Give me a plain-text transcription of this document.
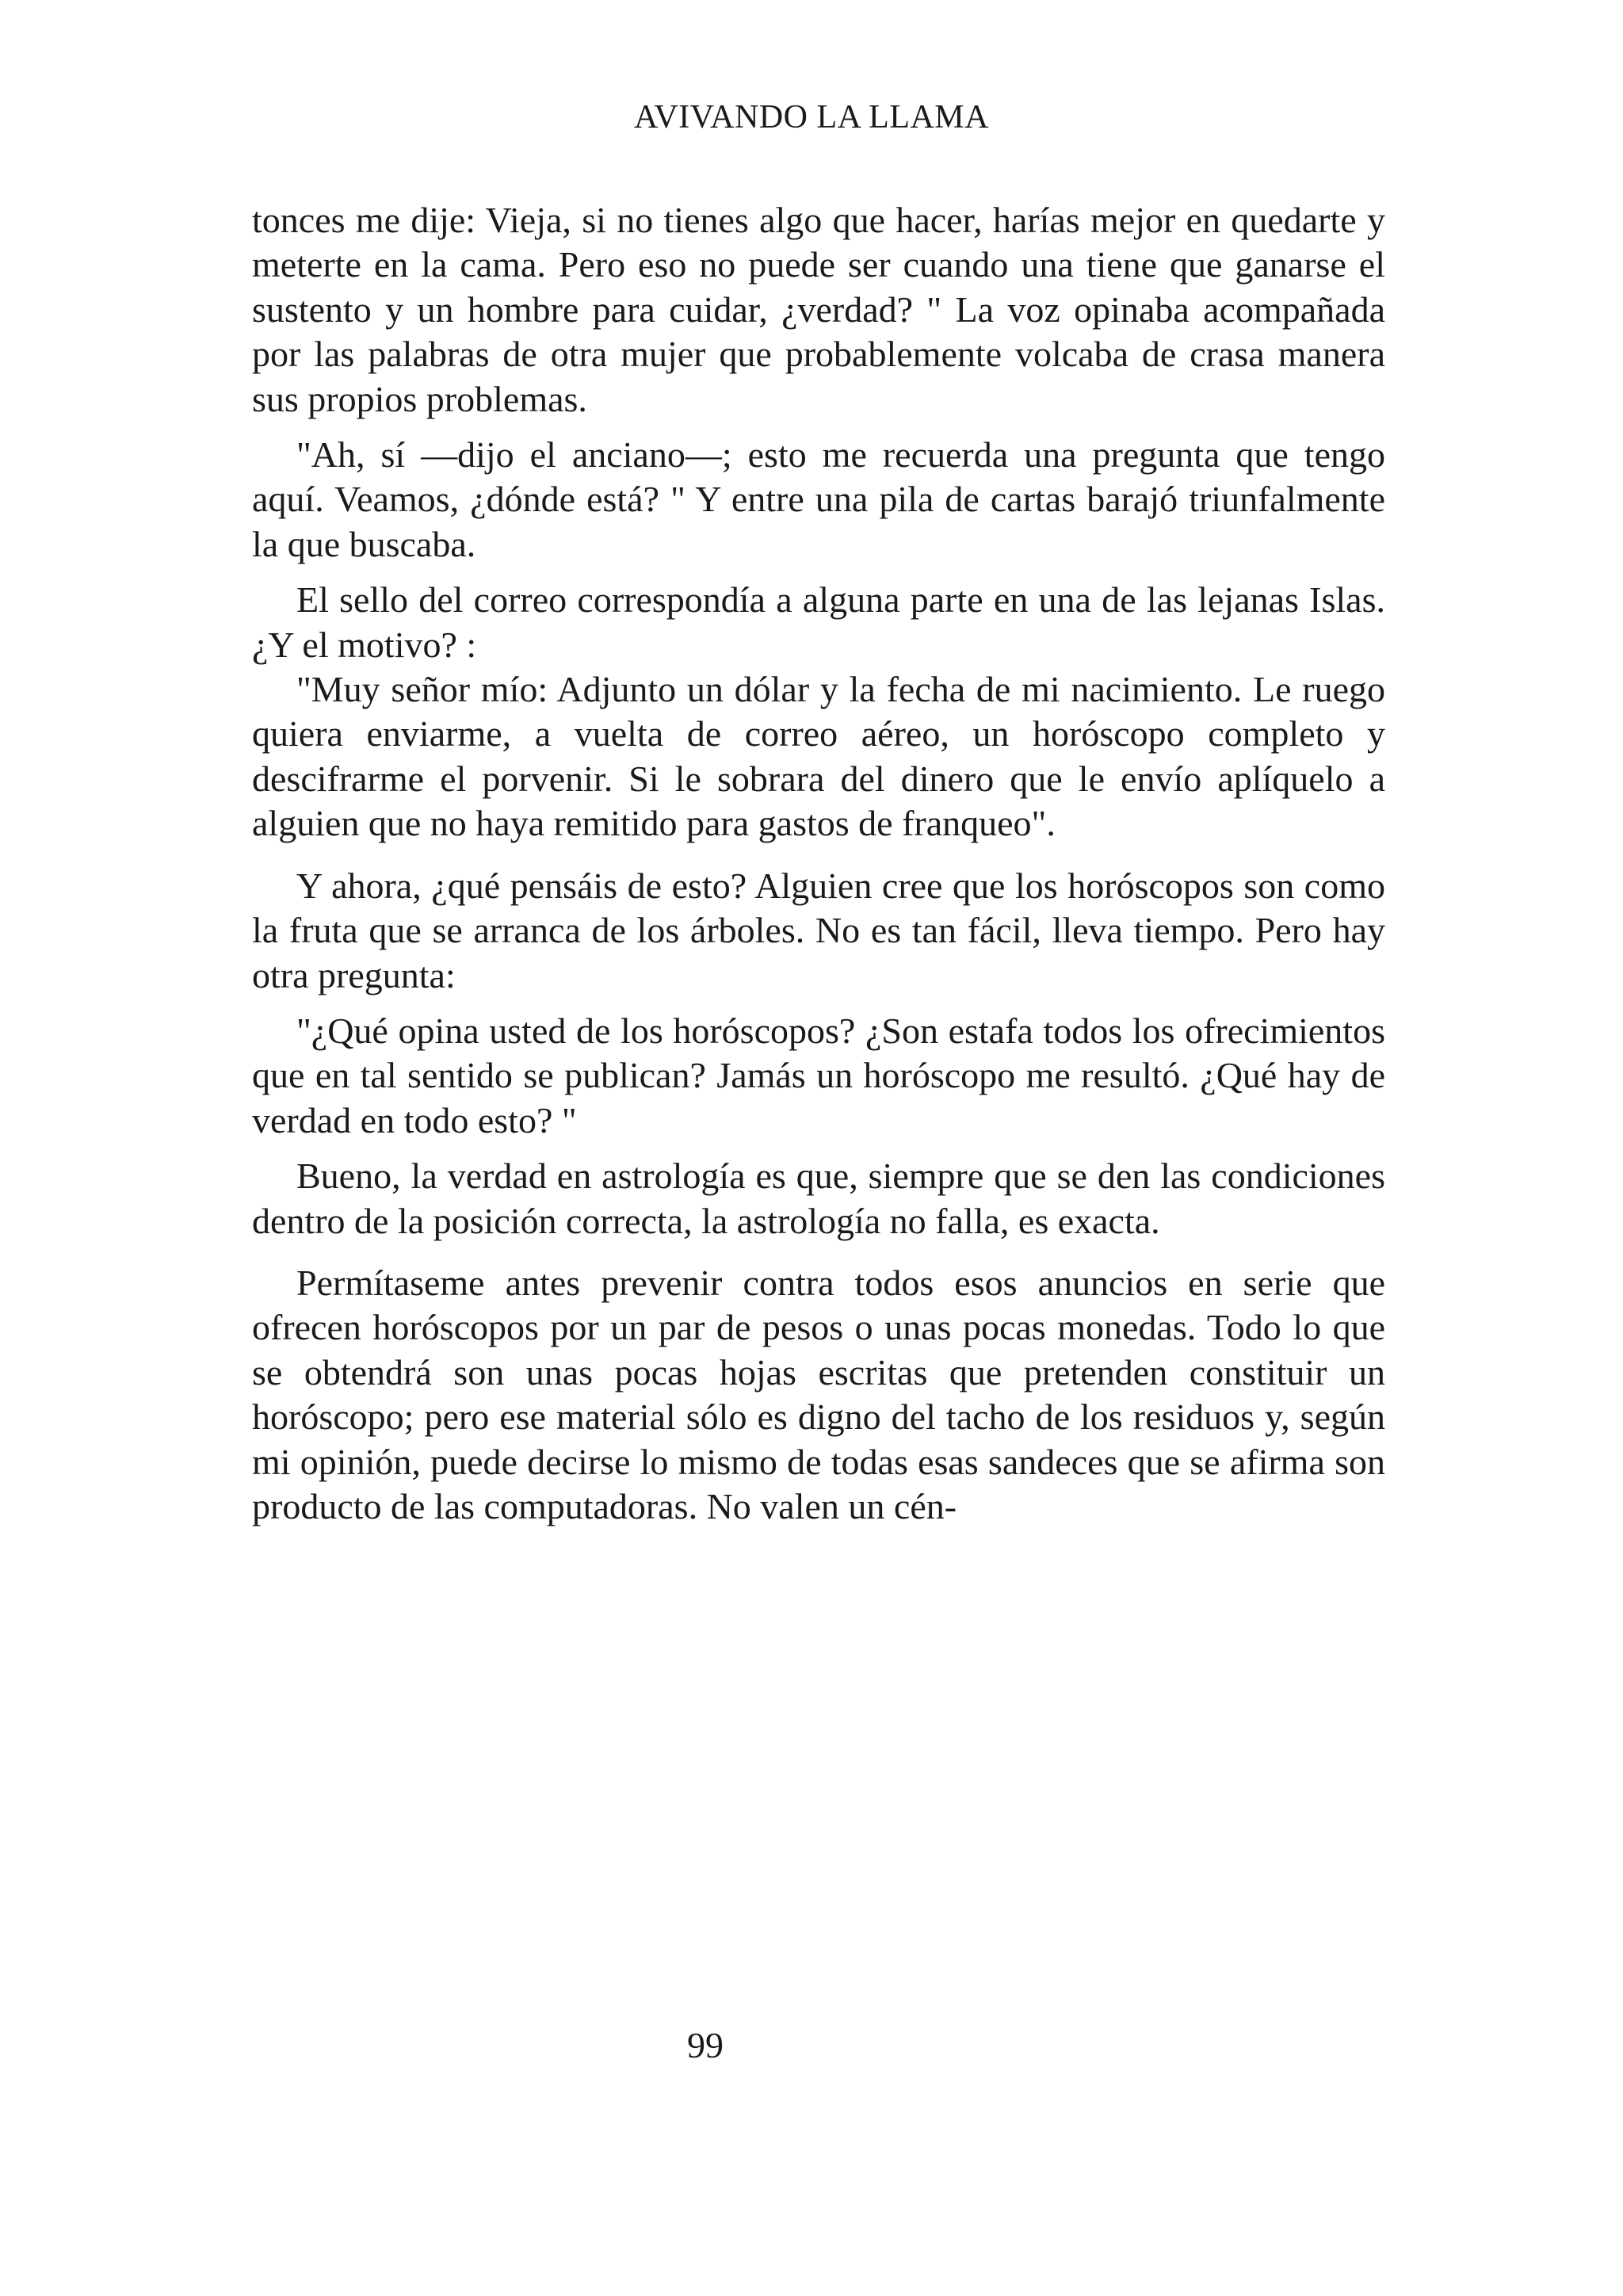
AVIVANDO LA LLAMA

tonces me dije: Vieja, si no tienes algo que hacer, harías mejor en quedarte y meterte en la cama. Pero eso no puede ser cuando una tiene que ganarse el sustento y un hombre para cuidar, ¿verdad? " La voz opinaba acompañada por las palabras de otra mujer que probablemente volcaba de crasa manera sus propios problemas.

"Ah, sí —dijo el anciano—; esto me recuerda una pregunta que tengo aquí. Veamos, ¿dónde está? " Y entre una pila de cartas barajó triunfalmente la que buscaba.

El sello del correo correspondía a alguna parte en una de las lejanas Islas. ¿Y el motivo? :

"Muy señor mío: Adjunto un dólar y la fecha de mi nacimiento. Le ruego quiera enviarme, a vuelta de correo aéreo, un horóscopo completo y descifrarme el porvenir. Si le sobrara del dinero que le envío aplíquelo a alguien que no haya remitido para gastos de franqueo".

Y ahora, ¿qué pensáis de esto? Alguien cree que los horóscopos son como la fruta que se arranca de los árboles. No es tan fácil, lleva tiempo. Pero hay otra pregunta:

"¿Qué opina usted de los horóscopos? ¿Son estafa todos los ofrecimientos que en tal sentido se publican? Jamás un horóscopo me resultó. ¿Qué hay de verdad en todo esto? "

Bueno, la verdad en astrología es que, siempre que se den las condiciones dentro de la posición correcta, la astrología no falla, es exacta.

Permítaseme antes prevenir contra todos esos anuncios en serie que ofrecen horóscopos por un par de pesos o unas pocas monedas. Todo lo que se obtendrá son unas pocas hojas escritas que pretenden constituir un horóscopo; pero ese material sólo es digno del tacho de los residuos y, según mi opinión, puede decirse lo mismo de todas esas sandeces que se afirma son producto de las computadoras. No valen un cén-

99
